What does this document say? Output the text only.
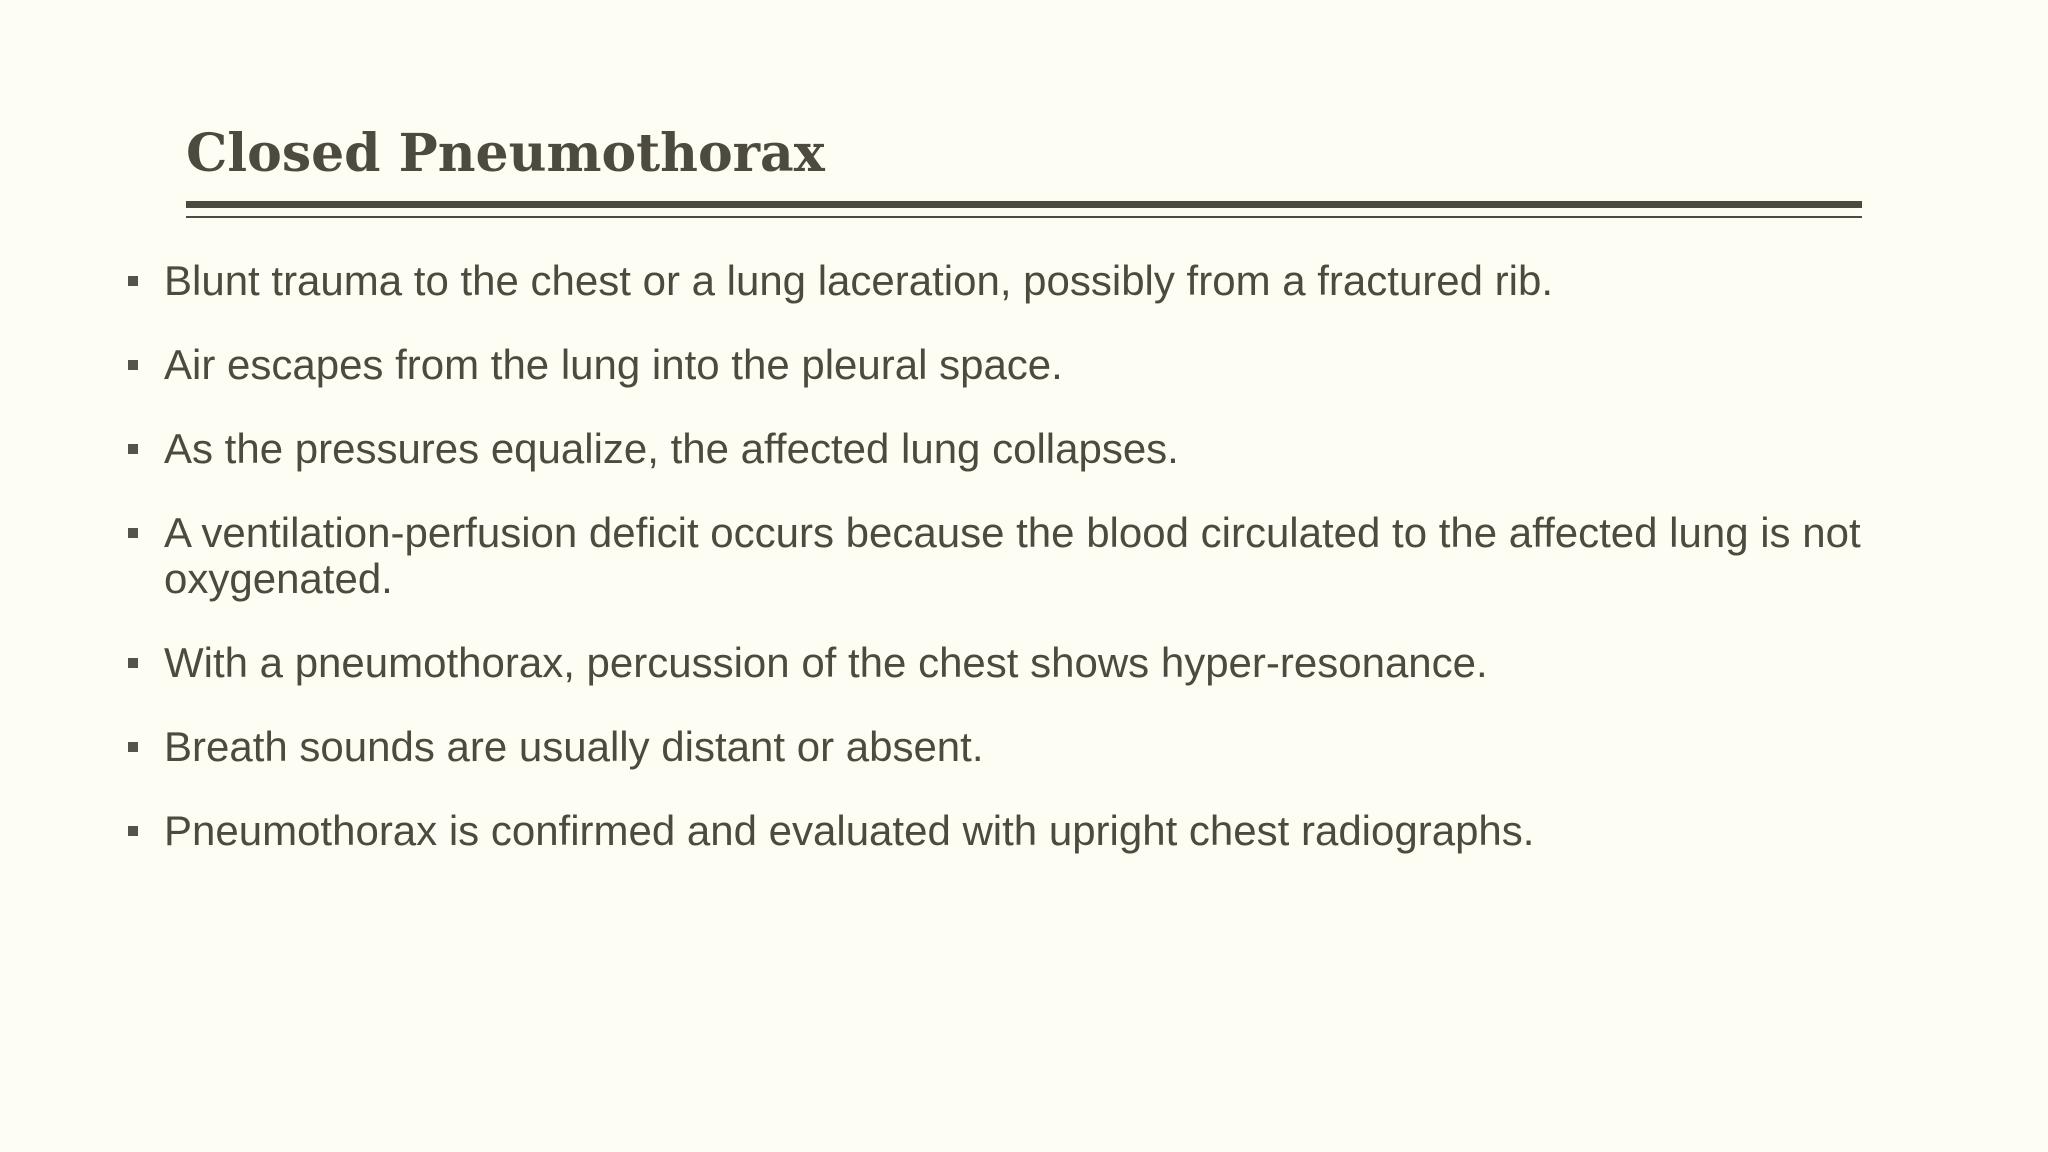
Closed Pneumothorax
Blunt trauma to the chest or a lung laceration, possibly from a fractured rib.
Air escapes from the lung into the pleural space.
As the pressures equalize, the affected lung collapses.
A ventilation-perfusion deficit occurs because the blood circulated to the affected lung is not oxygenated.
With a pneumothorax, percussion of the chest shows hyper-resonance.
Breath sounds are usually distant or absent.
Pneumothorax is confirmed and evaluated with upright chest radiographs.
